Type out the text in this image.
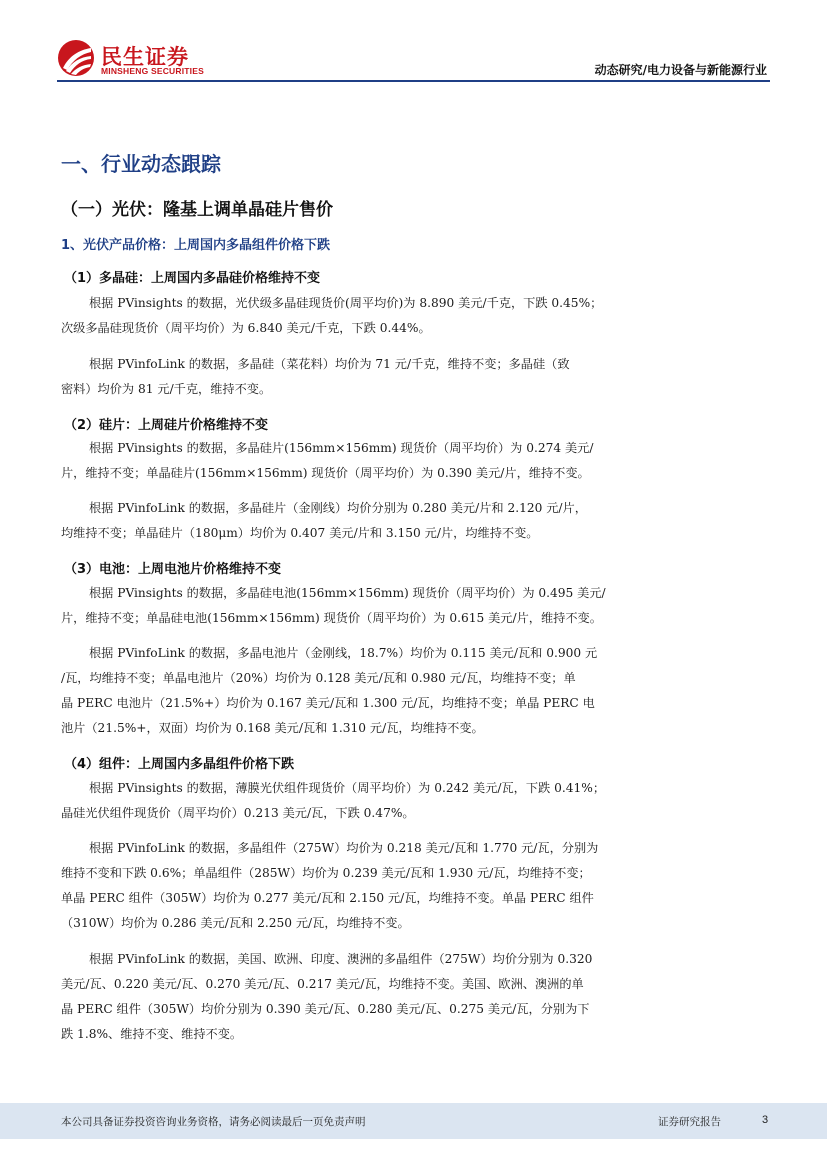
民生证券
MINSHENG SECURITIES	动态研究/电力设备与新能源行业
一、行业动态跟踪
（一）光伏：隆基上调单晶硅片售价
1、光伏产品价格：上周国内多晶组件价格下跌
（1）多晶硅：上周国内多晶硅价格维持不变
根据 PVinsights 的数据，光伏级多晶硅现货价(周平均价)为 8.890 美元/千克，下跌 0.45%；
次级多晶硅现货价（周平均价）为 6.840 美元/千克，下跌 0.44%。
根据 PVinfoLink 的数据，多晶硅（菜花料）均价为 71 元/千克，维持不变；多晶硅（致
密料）均价为 81 元/千克，维持不变。
（2）硅片：上周硅片价格维持不变
根据 PVinsights 的数据，多晶硅片(156mm×156mm) 现货价（周平均价）为 0.274 美元/
片，维持不变；单晶硅片(156mm×156mm) 现货价（周平均价）为 0.390 美元/片，维持不变。
根据 PVinfoLink 的数据，多晶硅片（金刚线）均价分别为 0.280 美元/片和 2.120 元/片，
均维持不变；单晶硅片（180μm）均价为 0.407 美元/片和 3.150 元/片，均维持不变。
（3）电池：上周电池片价格维持不变
根据 PVinsights 的数据，多晶硅电池(156mm×156mm) 现货价（周平均价）为 0.495 美元/
片，维持不变；单晶硅电池(156mm×156mm) 现货价（周平均价）为 0.615 美元/片，维持不变。
根据 PVinfoLink 的数据，多晶电池片（金刚线，18.7%）均价为 0.115 美元/瓦和 0.900 元
/瓦，均维持不变；单晶电池片（20%）均价为 0.128 美元/瓦和 0.980 元/瓦，均维持不变；单
晶 PERC 电池片（21.5%+）均价为 0.167 美元/瓦和 1.300 元/瓦，均维持不变；单晶 PERC 电
池片（21.5%+，双面）均价为 0.168 美元/瓦和 1.310 元/瓦，均维持不变。
（4）组件：上周国内多晶组件价格下跌
根据 PVinsights 的数据，薄膜光伏组件现货价（周平均价）为 0.242 美元/瓦，下跌 0.41%；
晶硅光伏组件现货价（周平均价）0.213 美元/瓦，下跌 0.47%。
根据 PVinfoLink 的数据，多晶组件（275W）均价为 0.218 美元/瓦和 1.770 元/瓦，分别为
维持不变和下跌 0.6%；单晶组件（285W）均价为 0.239 美元/瓦和 1.930 元/瓦，均维持不变；
单晶 PERC 组件（305W）均价为 0.277 美元/瓦和 2.150 元/瓦，均维持不变。单晶 PERC 组件
（310W）均价为 0.286 美元/瓦和 2.250 元/瓦，均维持不变。
根据 PVinfoLink 的数据，美国、欧洲、印度、澳洲的多晶组件（275W）均价分别为 0.320
美元/瓦、0.220 美元/瓦、0.270 美元/瓦、0.217 美元/瓦，均维持不变。美国、欧洲、澳洲的单
晶 PERC 组件（305W）均价分别为 0.390 美元/瓦、0.280 美元/瓦、0.275 美元/瓦，分别为下
跌 1.8%、维持不变、维持不变。
本公司具备证券投资咨询业务资格，请务必阅读最后一页免责声明	证券研究报告	3
